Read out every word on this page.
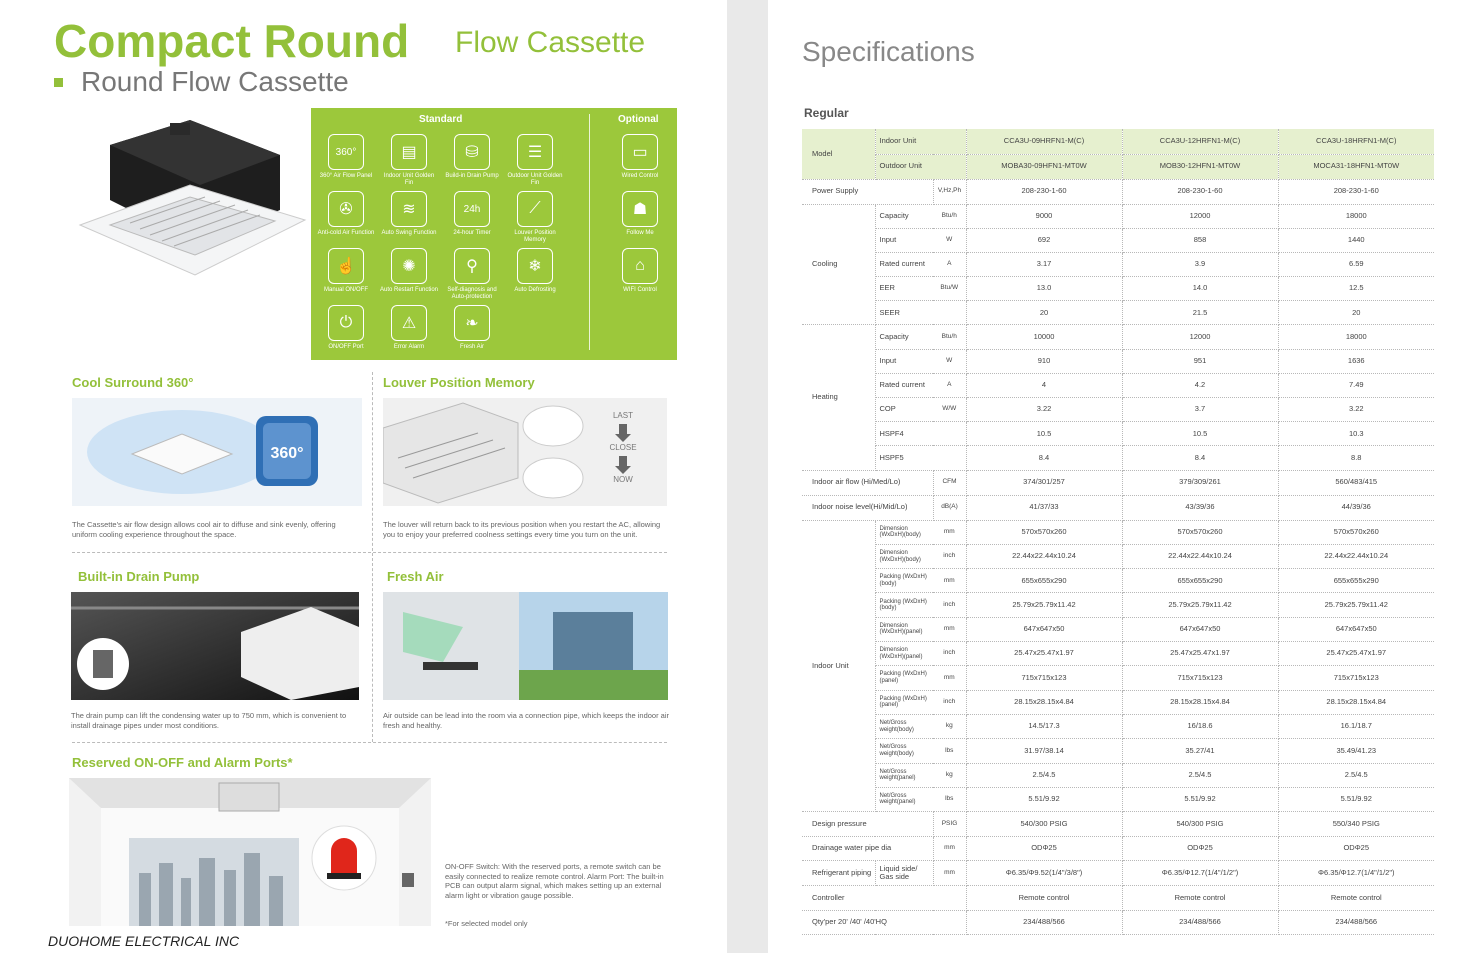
Compact Round Flow Cassette
Round Flow Cassette
Standard	Optional
360°
360° Air Flow Panel
▤
Indoor Unit Golden Fin
⛁
Build-in Drain Pump
☰
Outdoor Unit Golden Fin
✇
Anti-cold Air Function
≋
Auto Swing Function
24h
24-hour Timer
⟋
Louver Position Memory
☝
Manual ON/OFF
✺
Auto Restart Function
⚲
Self-diagnosis and Auto-protection
❄
Auto Defrosting
⏻
ON/OFF Port
⚠
Error Alarm
❧
Fresh Air
▭
Wired Control
☗
Follow Me
⌂
WIFI Control
Cool Surround 360°
360°
The Cassette's air flow design allows cool air to diffuse and sink evenly, offering uniform cooling experience throughout the space.
Louver Position Memory
LAST
CLOSE
NOW
The louver will return back to its previous position when you restart the AC, allowing you to enjoy your preferred coolness settings every time you turn on the unit.
Built-in Drain Pump
The drain pump can lift the condensing water up to 750 mm, which is convenient to install drainage pipes under most conditions.
Fresh Air
Air outside can be lead into the room via a connection pipe, which keeps the indoor air fresh and healthy.
Reserved ON-OFF and Alarm Ports*
ON-OFF Switch: With the reserved ports, a remote switch can be easily connected to realize remote control. Alarm Port: The built-in PCB can output alarm signal, which makes setting up an external alarm light or vibration gauge possible.
*For selected model only
DUOHOME ELECTRICAL INC
Specifications
Regular
Model	Indoor Unit		CCA3U-09HRFN1-M(C)	CCA3U-12HRFN1-M(C)	CCA3U-18HRFN1-M(C)
	Outdoor Unit		MOBA30-09HFN1-MT0W	MOB30-12HFN1-MT0W	MOCA31-18HFN1-MT0W
Power Supply		V,Hz,Ph	208-230-1-60	208-230-1-60	208-230-1-60
Cooling	Capacity	Btu/h	9000	12000	18000
	Input	W	692	858	1440
	Rated current	A	3.17	3.9	6.59
	EER	Btu/W	13.0	14.0	12.5
	SEER		20	21.5	20
Heating	Capacity	Btu/h	10000	12000	18000
	Input	W	910	951	1636
	Rated current	A	4	4.2	7.49
	COP	W/W	3.22	3.7	3.22
	HSPF4		10.5	10.5	10.3
	HSPF5		8.4	8.4	8.8
Indoor air flow (Hi/Med/Lo)		CFM	374/301/257	379/309/261	560/483/415
Indoor noise level(Hi/Mid/Lo)		dB(A)	41/37/33	43/39/36	44/39/36
Indoor Unit	Dimension (WxDxH)(body)	mm	570x570x260	570x570x260	570x570x260
	Dimension (WxDxH)(body)	inch	22.44x22.44x10.24	22.44x22.44x10.24	22.44x22.44x10.24
	Packing (WxDxH)(body)	mm	655x655x290	655x655x290	655x655x290
	Packing (WxDxH)(body)	inch	25.79x25.79x11.42	25.79x25.79x11.42	25.79x25.79x11.42
	Dimension (WxDxH)(panel)	mm	647x647x50	647x647x50	647x647x50
	Dimension (WxDxH)(panel)	inch	25.47x25.47x1.97	25.47x25.47x1.97	25.47x25.47x1.97
	Packing (WxDxH)(panel)	mm	715x715x123	715x715x123	715x715x123
	Packing (WxDxH)(panel)	inch	28.15x28.15x4.84	28.15x28.15x4.84	28.15x28.15x4.84
	Net/Gross weight(body)	kg	14.5/17.3	16/18.6	16.1/18.7
	Net/Gross weight(body)	lbs	31.97/38.14	35.27/41	35.49/41.23
	Net/Gross weight(panel)	kg	2.5/4.5	2.5/4.5	2.5/4.5
	Net/Gross weight(panel)	lbs	5.51/9.92	5.51/9.92	5.51/9.92
Design pressure		PSIG	540/300 PSIG	540/300 PSIG	550/340 PSIG
Drainage water pipe dia		mm	ODΦ25	ODΦ25	ODΦ25
Refrigerant piping	Liquid side/ Gas side	mm	Φ6.35/Φ9.52(1/4"/3/8")	Φ6.35/Φ12.7(1/4"/1/2")	Φ6.35/Φ12.7(1/4"/1/2")
Controller			Remote control	Remote control	Remote control
Qty'per 20' /40' /40'HQ			234/488/566	234/488/566	234/488/566
